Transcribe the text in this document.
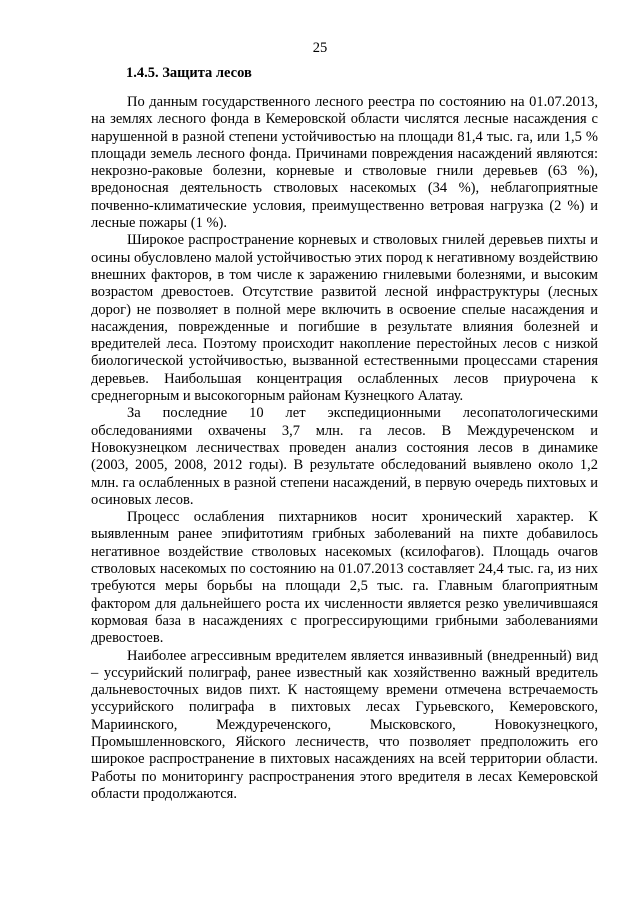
25
1.4.5. Защита лесов

По данным государственного лесного реестра по состоянию на 01.07.2013, на землях лесного фонда в Кемеровской области числятся лесные насаждения с нарушенной в разной степени устойчивостью на площади 81,4 тыс. га, или 1,5 % площади земель лесного фонда. Причинами повреждения насаждений являются: некрозно-раковые болезни, корневые и стволовые гнили деревьев (63 %), вредоносная деятельность стволовых насекомых (34 %), неблагоприятные почвенно-климатические условия, преимущественно ветровая нагрузка (2 %) и лесные пожары (1 %).

Широкое распространение корневых и стволовых гнилей деревьев пихты и осины обусловлено малой устойчивостью этих пород к негативному воздействию внешних факторов, в том числе к заражению гнилевыми болезнями, и высоким возрастом древостоев. Отсутствие развитой лесной инфраструктуры (лесных дорог) не позволяет в полной мере включить в освоение спелые насаждения и насаждения, поврежденные и погибшие в результате влияния болезней и вредителей леса. Поэтому происходит накопление перестойных лесов с низкой биологической устойчивостью, вызванной естественными процессами старения деревьев. Наибольшая концентрация ослабленных лесов приурочена к среднегорным и высокогорным районам Кузнецкого Алатау.

За последние 10 лет экспедиционными лесопатологическими обследованиями охвачены 3,7 млн. га лесов. В Междуреченском и Новокузнецком лесничествах проведен анализ состояния лесов в динамике (2003, 2005, 2008, 2012 годы). В результате обследований выявлено около 1,2 млн. га ослабленных в разной степени насаждений, в первую очередь пихтовых и осиновых лесов.

Процесс ослабления пихтарников носит хронический характер. К выявленным ранее эпифитотиям грибных заболеваний на пихте добавилось негативное воздействие стволовых насекомых (ксилофагов). Площадь очагов стволовых насекомых по состоянию на 01.07.2013 составляет 24,4 тыс. га, из них требуются меры борьбы на площади 2,5 тыс. га. Главным благоприятным фактором для дальнейшего роста их численности является резко увеличившаяся кормовая база в насаждениях с прогрессирующими грибными заболеваниями древостоев.

Наиболее агрессивным вредителем является инвазивный (внедренный) вид – уссурийский полиграф, ранее известный как хозяйственно важный вредитель дальневосточных видов пихт. К настоящему времени отмечена встречаемость уссурийского полиграфа в пихтовых лесах Гурьевского, Кемеровского, Мариинского, Междуреченского, Мысковского, Новокузнецкого, Промышленновского, Яйского лесничеств, что позволяет предположить его широкое распространение в пихтовых насаждениях на всей территории области. Работы по мониторингу распространения этого вредителя в лесах Кемеровской области продолжаются.
